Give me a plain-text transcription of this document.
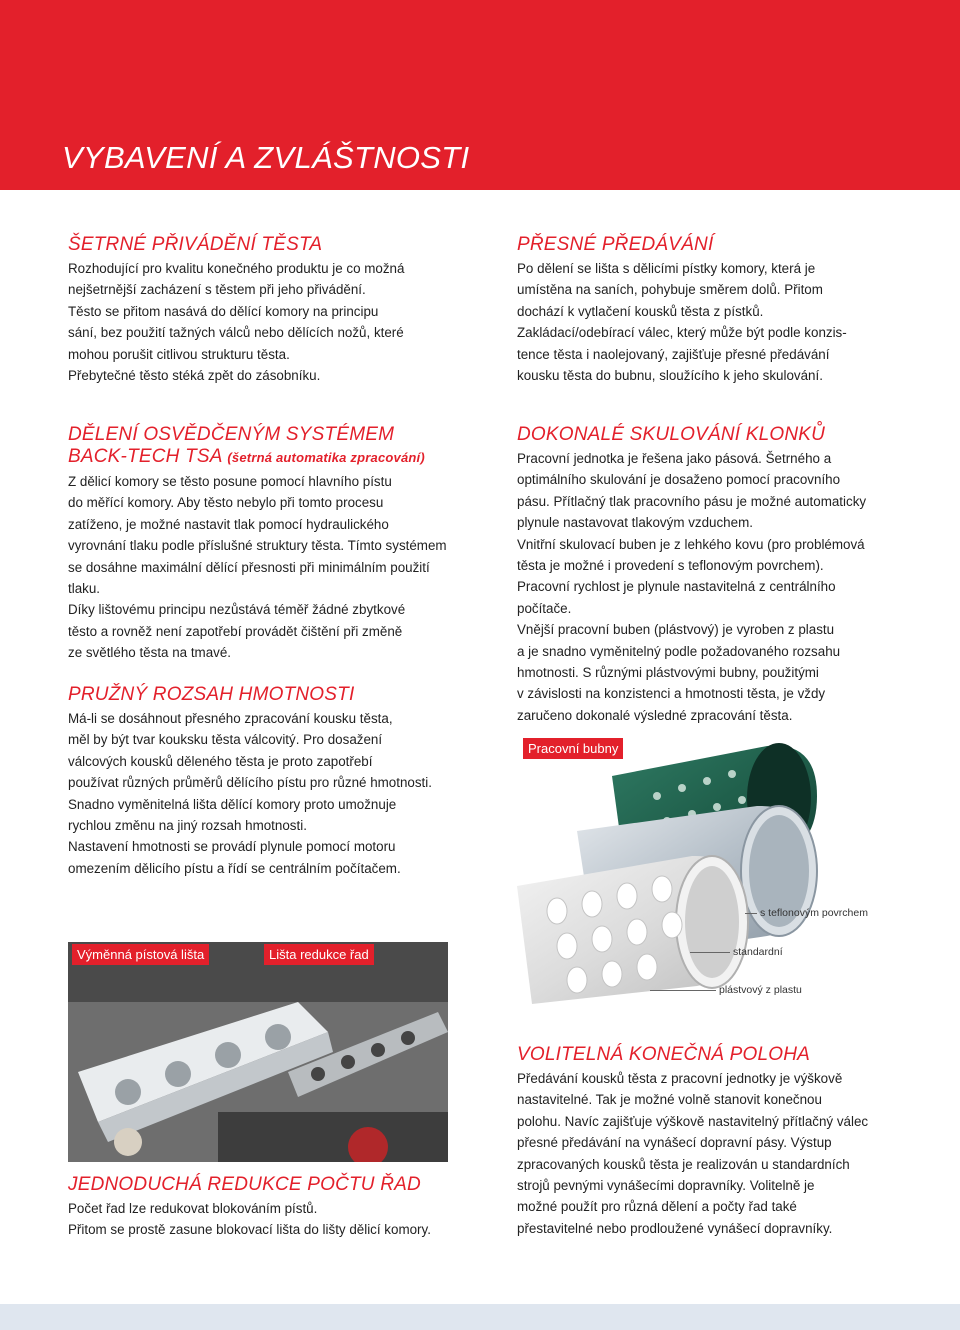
VYBAVENÍ A ZVLÁŠTNOSTI
ŠETRNÉ PŘIVÁDĚNÍ TĚSTA

Rozhodující pro kvalitu konečného produktu je co možná

nejšetrnější zacházení s těstem při jeho přivádění.

Těsto se přitom nasává do dělící komory na principu

sání, bez použití tažných válců nebo dělících nožů, které

mohou porušit citlivou strukturu těsta.

Přebytečné těsto stéká zpět do zásobníku.

PŘESNÉ PŘEDÁVÁNÍ

Po dělení se lišta s dělicími pístky komory, která je

umístěna na saních, pohybuje směrem dolů. Přitom

dochází k vytlačení kousků těsta z pístků.

Zakládací/odebírací válec, který může být podle konzis-

tence těsta i naolejovaný, zajišťuje přesné předávání

kousku těsta do bubnu, sloužícího k jeho skulování.

DĚLENÍ OSVĚDČENÝM SYSTÉMEM
BACK-TECH TSA (šetrná automatika zpracování)

Z dělicí komory se těsto posune pomocí hlavního pístu

do měřící komory. Aby těsto nebylo při tomto procesu

zatíženo, je možné nastavit tlak pomocí hydraulického

vyrovnání tlaku podle příslušné struktury těsta. Tímto systémem

se dosáhne maximální dělící přesnosti při minimálním použití

tlaku.

Díky lištovému principu nezůstává téměř žádné zbytkové

těsto a rovněž není zapotřebí provádět čištění při změně

ze světlého těsta na tmavé.

DOKONALÉ SKULOVÁNÍ KLONKŮ

Pracovní jednotka je řešena jako pásová. Šetrného a

optimálního skulování je dosaženo pomocí pracovního

pásu. Přítlačný tlak pracovního pásu je možné automaticky

plynule nastavovat tlakovým vzduchem.

Vnitřní skulovací buben je z lehkého kovu (pro problémová

těsta je možné i provedení s teflonovým povrchem).

Pracovní rychlost je plynule nastavitelná z centrálního

počítače.

Vnější pracovní buben (plástvový) je vyroben z plastu

a je snadno vyměnitelný podle požadovaného rozsahu

hmotnosti. S různými plástvovými bubny, použitými

v závislosti na konzistenci a hmotnosti těsta, je vždy

zaručeno dokonalé výsledné zpracování těsta.

PRUŽNÝ ROZSAH HMOTNOSTI

Má-li se dosáhnout přesného zpracování kousku těsta,

měl by být tvar kouksku těsta válcovitý. Pro dosažení

válcových kousků děleného těsta je proto zapotřebí

používat různých průměrů dělícího pístu pro různé hmotnosti.

Snadno vyměnitelná lišta dělící komory proto umožnuje

rychlou změnu na jiný rozsah hmotnosti.

Nastavení hmotnosti se provádí plynule pomocí motoru

omezením dělicího pístu a řídí se centrálním počítačem.

Pracovní bubny
s teflonovým povrchem
standardní
plástvový z plastu
Výměnná pístová lišta	Lišta redukce řad
VOLITELNÁ KONEČNÁ POLOHA

Předávání kousků těsta z pracovní jednotky je výškově

nastavitelné. Tak je možné volně stanovit konečnou

polohu. Navíc zajišťuje výškově nastavitelný přítlačný válec

přesné předávání na vynášecí dopravní pásy. Výstup

zpracovaných kousků těsta je realizován u standardních

strojů pevnými vynášecími dopravníky. Volitelně je

možné použít pro různá dělení a počty řad také

přestavitelné nebo prodloužené vynášecí dopravníky.

JEDNODUCHÁ REDUKCE POČTU ŘAD

Počet řad lze redukovat blokováním pístů.

Přitom se prostě zasune blokovací lišta do lišty dělicí komory.
